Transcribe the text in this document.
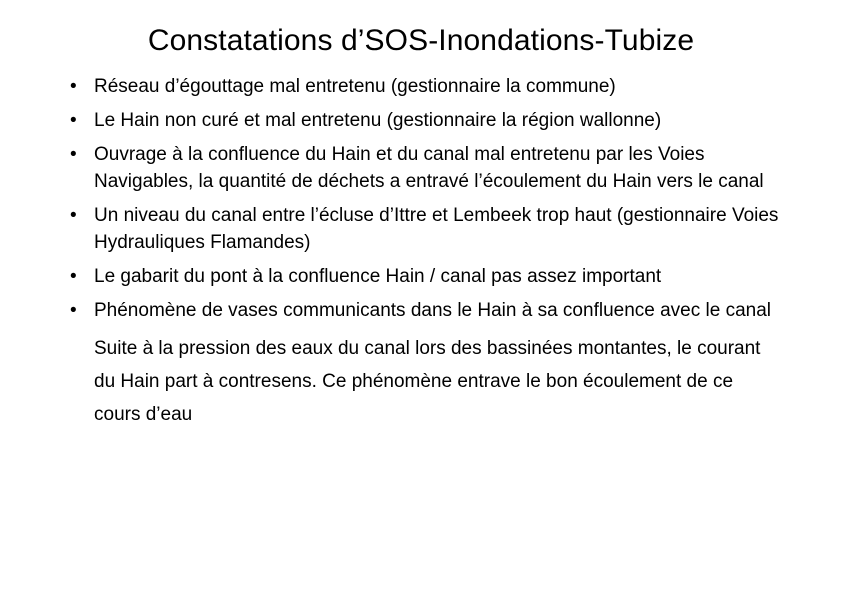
Constatations d’SOS-Inondations-Tubize
• Réseau d’égouttage mal entretenu (gestionnaire la commune)
• Le Hain non curé et mal entretenu (gestionnaire la région wallonne)
• Ouvrage à la confluence du Hain et du canal mal entretenu par les Voies Navigables, la quantité de déchets a entravé l’écoulement du Hain vers le canal
• Un niveau du canal entre l’écluse d’Ittre et Lembeek trop haut (gestionnaire Voies Hydrauliques Flamandes)
• Le gabarit du pont à la confluence Hain / canal pas assez important
• Phénomène de vases communicants dans le Hain à sa confluence avec le canal
Suite à la pression des eaux du canal lors des bassinées montantes, le courant du Hain part à contresens. Ce phénomène entrave le bon écoulement de ce cours d’eau
